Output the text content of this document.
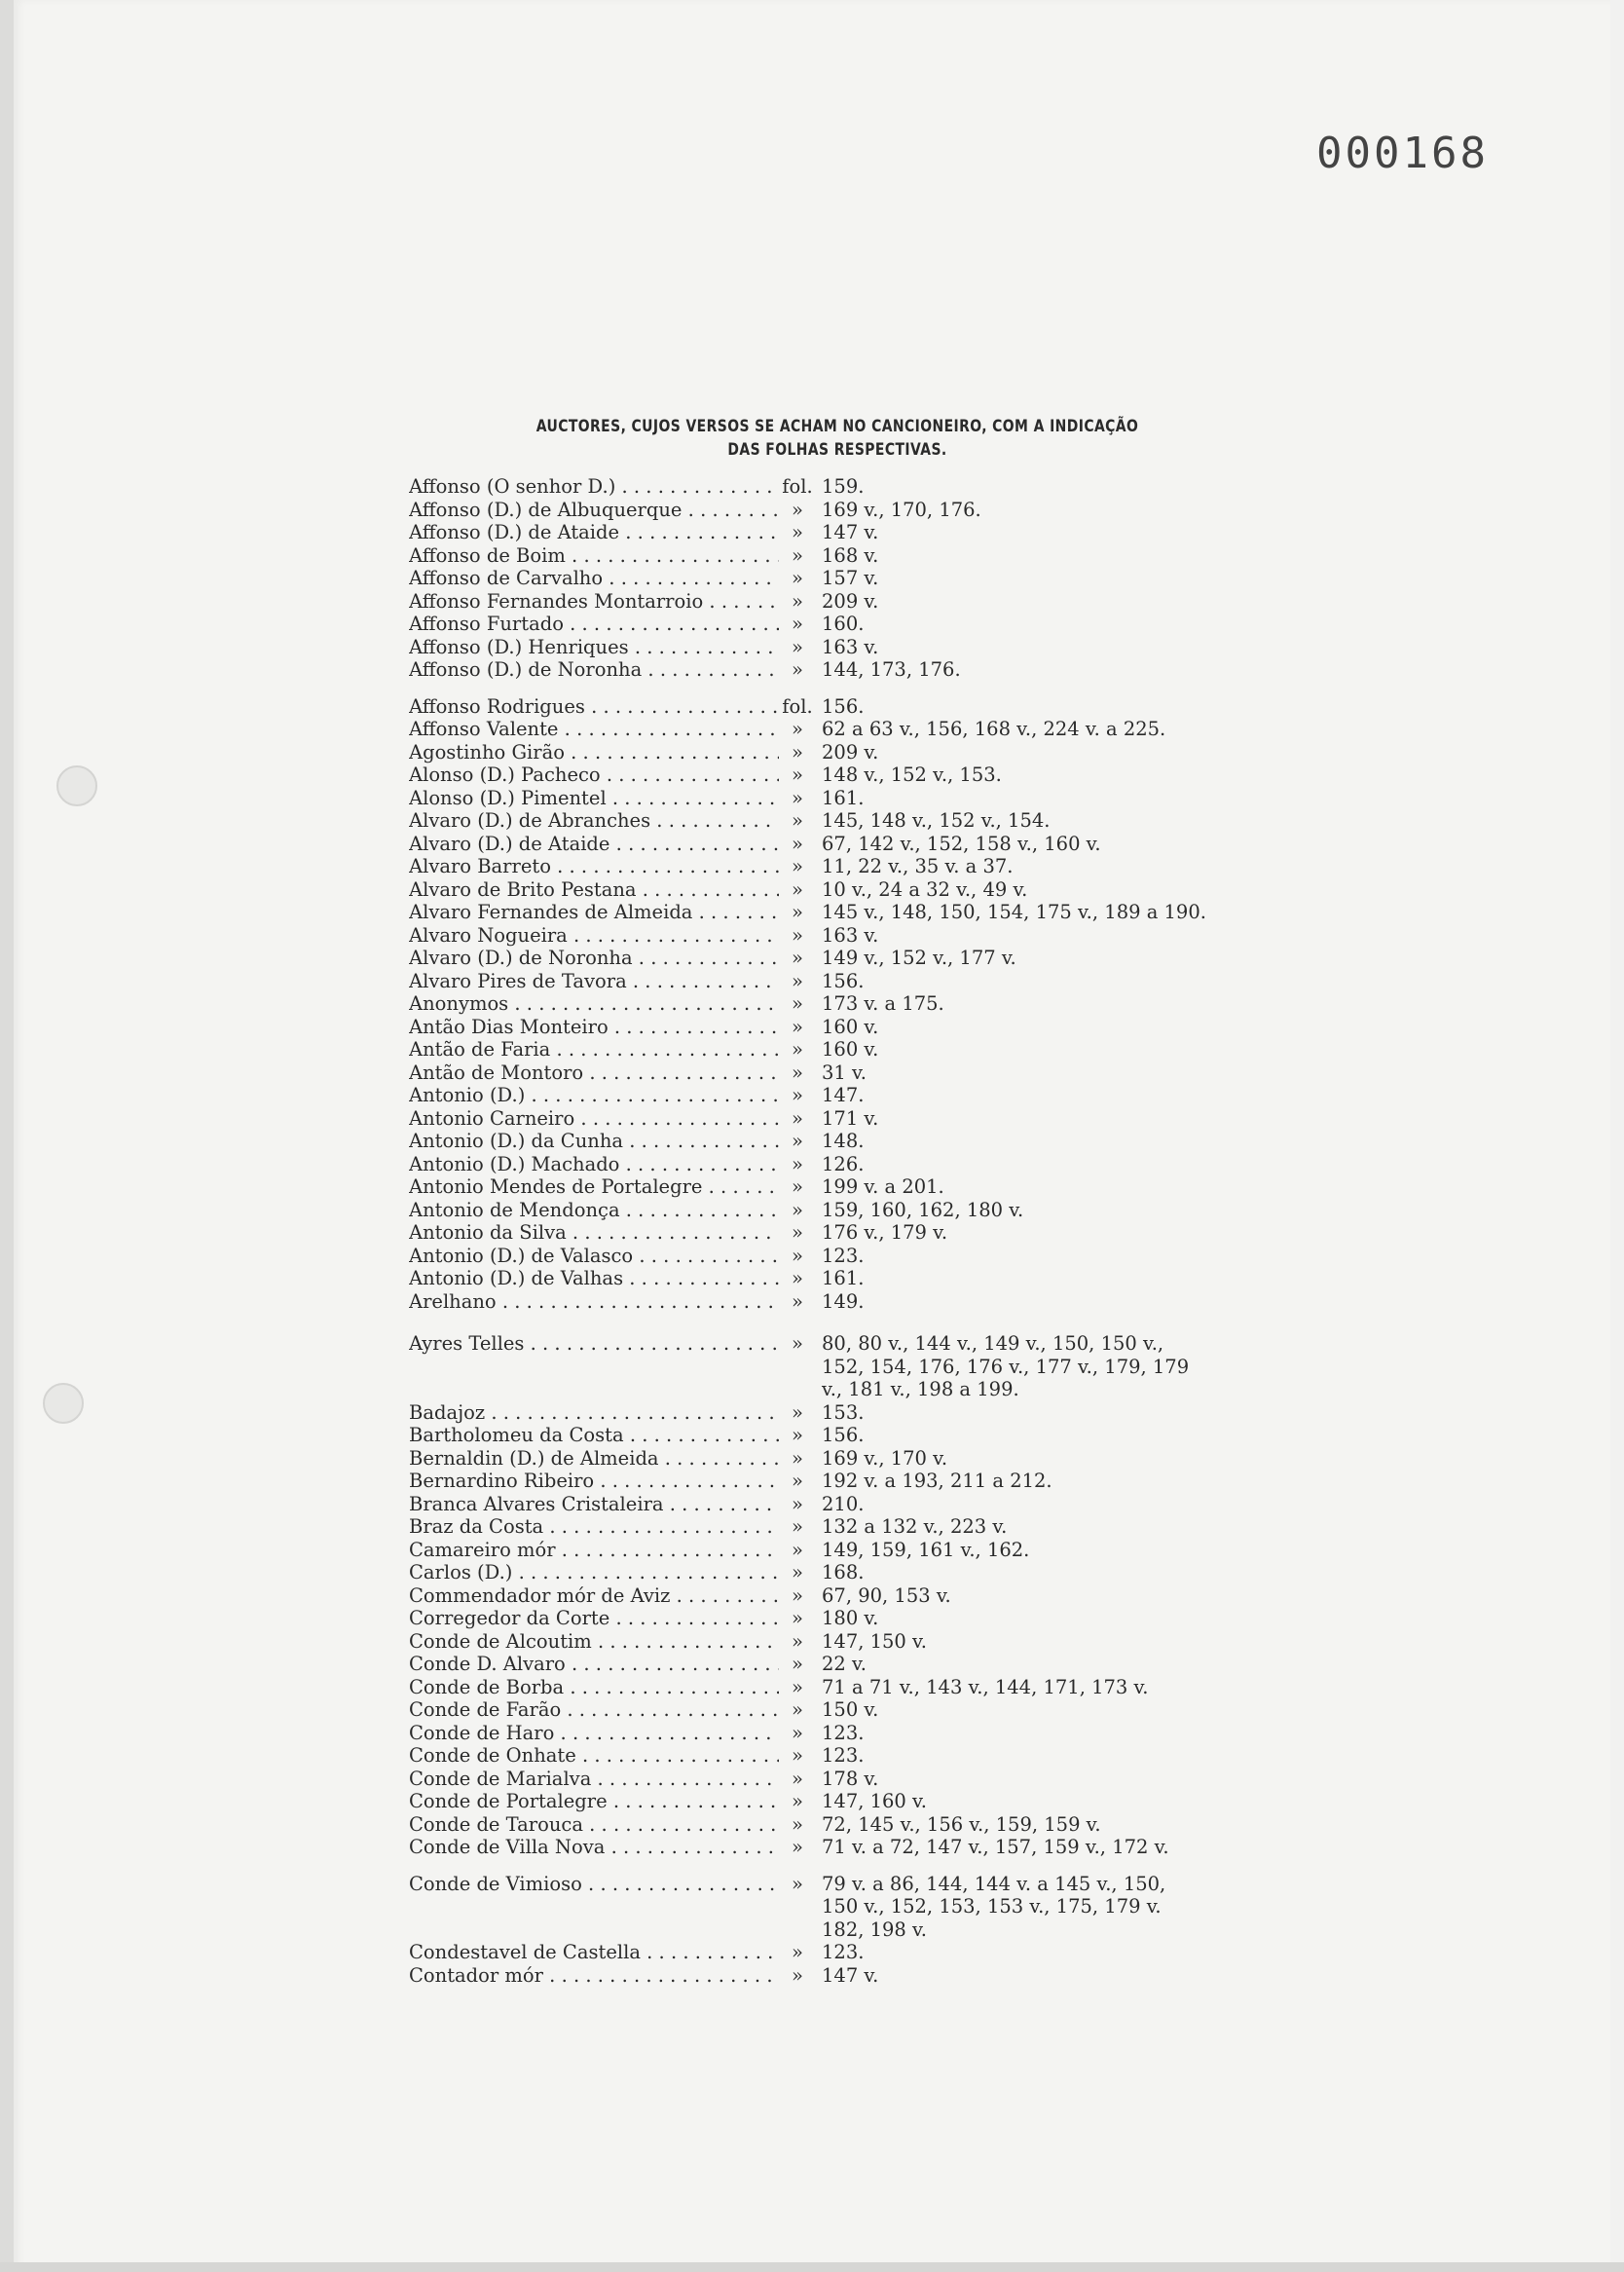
000168
AUCTORES, CUJOS VERSOS SE ACHAM NO CANCIONEIRO, COM A INDICAÇÃO
DAS FOLHAS RESPECTIVAS.
Affonso (O senhor D.) . . .	fol. 159.
Affonso (D.) de Albuquerque . . .	» 169 v., 170, 176.
Affonso (D.) de Ataide . . .	» 147 v.
Affonso de Boim . . .	» 168 v.
Affonso de Carvalho . . .	» 157 v.
Affonso Fernandes Montarroio . . .	» 209 v.
Affonso Furtado . . .	» 160.
Affonso (D.) Henriques . . .	» 163 v.
Affonso (D.) de Noronha . . .	» 144, 173, 176.
Affonso Rodrigues . . .	fol. 156.
Affonso Valente . . .	» 62 a 63 v., 156, 168 v., 224 v. a 225.
Agostinho Girão . . .	» 209 v.
Alonso (D.) Pacheco . . .	» 148 v., 152 v., 153.
Alonso (D.) Pimentel . . .	» 161.
Alvaro (D.) de Abranches . . .	» 145, 148 v., 152 v., 154.
Alvaro (D.) de Ataide . . .	» 67, 142 v., 152, 158 v., 160 v.
Alvaro Barreto . . .	» 11, 22 v., 35 v. a 37.
Alvaro de Brito Pestana . . .	» 10 v., 24 a 32 v., 49 v.
Alvaro Fernandes de Almeida . . .	» 145 v., 148, 150, 154, 175 v., 189 a 190.
Alvaro Nogueira . . .	» 163 v.
Alvaro (D.) de Noronha . . .	» 149 v., 152 v., 177 v.
Alvaro Pires de Tavora . . .	» 156.
Anonymos . . .	» 173 v. a 175.
Antão Dias Monteiro . . .	» 160 v.
Antão de Faria . . .	» 160 v.
Antão de Montoro . . .	» 31 v.
Antonio (D.) . . .	» 147.
Antonio Carneiro . . .	» 171 v.
Antonio (D.) da Cunha . . .	» 148.
Antonio (D.) Machado . . .	» 126.
Antonio Mendes de Portalegre . . .	» 199 v. a 201.
Antonio de Mendonça . . .	» 159, 160, 162, 180 v.
Antonio da Silva . . .	» 176 v., 179 v.
Antonio (D.) de Valasco . . .	» 123.
Antonio (D.) de Valhas . . .	» 161.
Arelhano . . .	» 149.
Ayres Telles . . .	» 80, 80 v., 144 v., 149 v., 150, 150 v., 152, 154, 176, 176 v., 177 v., 179, 179 v., 181 v., 198 a 199.
Badajoz . . .	» 153.
Bartholomeu da Costa . . .	» 156.
Bernaldin (D.) de Almeida . . .	» 169 v., 170 v.
Bernardino Ribeiro . . .	» 192 v. a 193, 211 a 212.
Branca Alvares Cristaleira . . .	» 210.
Braz da Costa . . .	» 132 a 132 v., 223 v.
Camareiro mór . . .	» 149, 159, 161 v., 162.
Carlos (D.) . . .	» 168.
Commendador mór de Aviz . . .	» 67, 90, 153 v.
Corregedor da Corte . . .	» 180 v.
Conde de Alcoutim . . .	» 147, 150 v.
Conde D. Alvaro . . .	» 22 v.
Conde de Borba . . .	» 71 a 71 v., 143 v., 144, 171, 173 v.
Conde de Farão . . .	» 150 v.
Conde de Haro . . .	» 123.
Conde de Onhate . . .	» 123.
Conde de Marialva . . .	» 178 v.
Conde de Portalegre . . .	» 147, 160 v.
Conde de Tarouca . . .	» 72, 145 v., 156 v., 159, 159 v.
Conde de Villa Nova . . .	» 71 v. a 72, 147 v., 157, 159 v., 172 v.
Conde de Vimioso . . .	» 79 v. a 86, 144, 144 v. a 145 v., 150, 150 v., 152, 153, 153 v., 175, 179 v. 182, 198 v.
Condestavel de Castella . . .	» 123.
Contador mór . . .	» 147 v.
